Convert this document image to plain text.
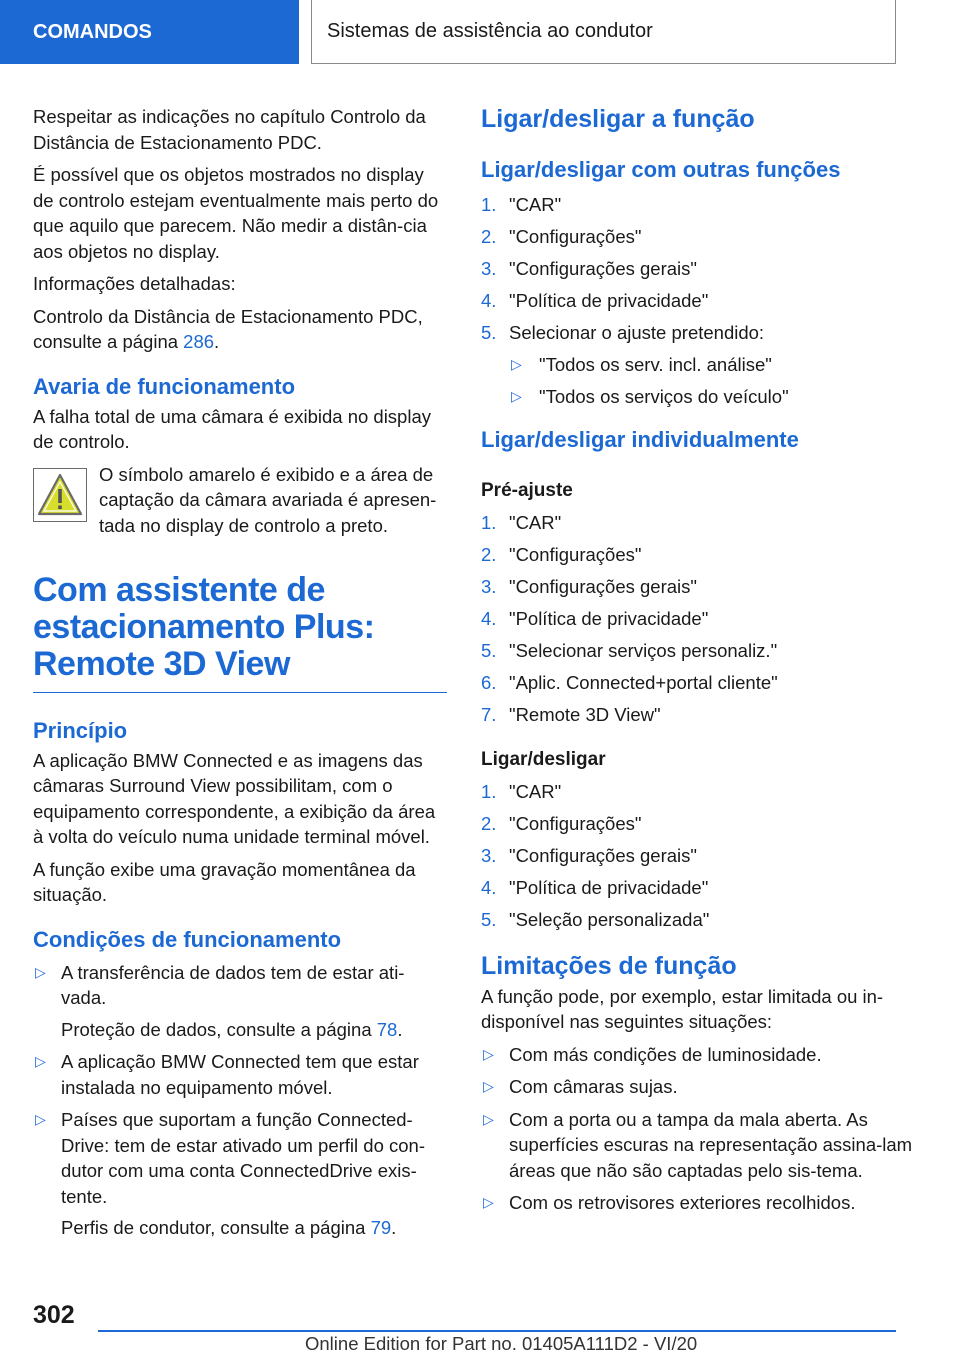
COMANDOS	Sistemas de assistência ao condutor

Respeitar as indicações no capítulo Controlo da Distância de Estacionamento PDC.

É possível que os objetos mostrados no display de controlo estejam eventualmente mais perto do que aquilo que parecem. Não medir a distân‐cia aos objetos no display.

Informações detalhadas:

Controlo da Distância de Estacionamento PDC, consulte a página 286.

Avaria de funcionamento

A falha total de uma câmara é exibida no display de controlo.

O símbolo amarelo é exibido e a área de captação da câmara avariada é apresen‐tada no display de controlo a preto.

Com assistente de estacionamento Plus: Remote 3D View
Princípio

A aplicação BMW Connected e as imagens das câmaras Surround View possibilitam, com o equipamento correspondente, a exibição da área à volta do veículo numa unidade terminal móvel.

A função exibe uma gravação momentânea da situação.

Condições de funcionamento
▷ A transferência de dados tem de estar ati‐vada.
Proteção de dados, consulte a página 78.
▷ A aplicação BMW Connected tem que estar instalada no equipamento móvel.
▷ Países que suportam a função Connected‐Drive: tem de estar ativado um perfil do con‐dutor com uma conta ConnectedDrive exis‐tente.
Perfis de condutor, consulte a página 79.
Ligar/desligar a função
Ligar/desligar com outras funções
1. "CAR"
2. "Configurações"
3. "Configurações gerais"
4. "Política de privacidade"
5. Selecionar o ajuste pretendido:
▷ "Todos os serv. incl. análise"
▷ "Todos os serviços do veículo"
Ligar/desligar individualmente
Pré-ajuste
1. "CAR"
2. "Configurações"
3. "Configurações gerais"
4. "Política de privacidade"
5. "Selecionar serviços personaliz."
6. "Aplic. Connected+portal cliente"
7. "Remote 3D View"
Ligar/desligar
1. "CAR"
2. "Configurações"
3. "Configurações gerais"
4. "Política de privacidade"
5. "Seleção personalizada"
Limitações de função

A função pode, por exemplo, estar limitada ou in‐disponível nas seguintes situações:

▷ Com más condições de luminosidade.
▷ Com câmaras sujas.
▷ Com a porta ou a tampa da mala aberta. As superfícies escuras na representação assina‐lam áreas que não são captadas pelo sis‐tema.
▷ Com os retrovisores exteriores recolhidos.
302
Online Edition for Part no. 01405A111D2 - VI/20
